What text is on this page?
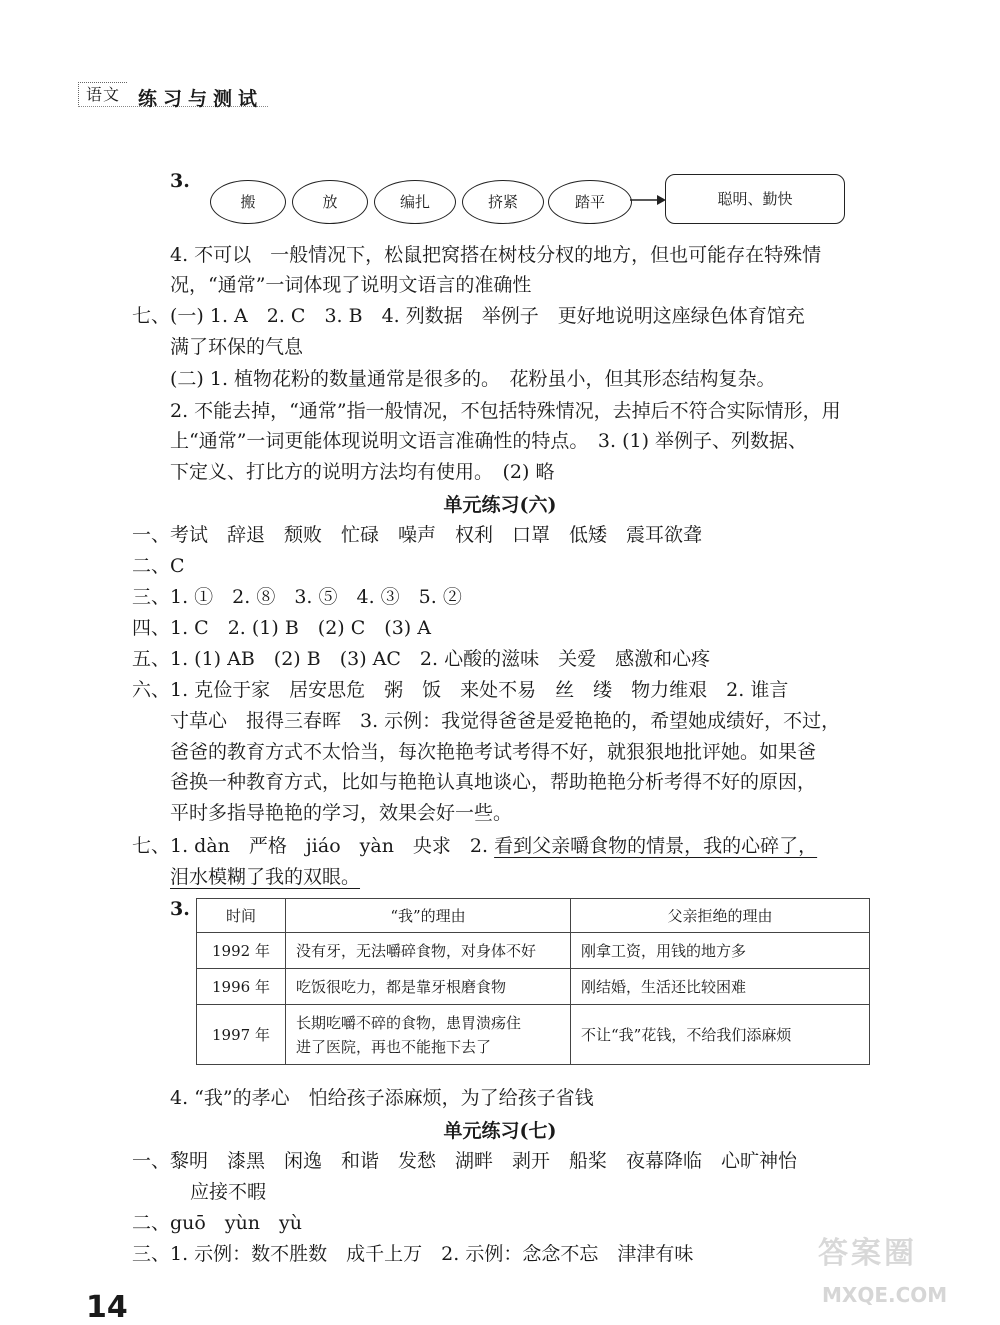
语文 练习与测试
3.
搬	放	编扎	挤紧	踏平	聪明、勤快
4. 不可以　一般情况下，松鼠把窝搭在树枝分杈的地方，但也可能存在特殊情
况，“通常”一词体现了说明文语言的准确性
七、(一) 1. A　2. C　3. B　4. 列数据　举例子　更好地说明这座绿色体育馆充
满了环保的气息
(二) 1. 植物花粉的数量通常是很多的。　花粉虽小，但其形态结构复杂。
2. 不能去掉，“通常”指一般情况，不包括特殊情况，去掉后不符合实际情形，用
上“通常”一词更能体现说明文语言准确性的特点。　3. (1) 举例子、列数据、
下定义、打比方的说明方法均有使用。　(2) 略
单元练习(六)
一、考试　辞退　颓败　忙碌　噪声　权利　口罩　低矮　震耳欲聋
二、C
三、1. ①　2. ⑧　3. ⑤　4. ③　5. ②
四、1. C　2. (1) B　(2) C　(3) A
五、1. (1) AB　(2) B　(3) AC　2. 心酸的滋味　关爱　感激和心疼
六、1. 克俭于家　居安思危　粥　饭　来处不易　丝　缕　物力维艰　2. 谁言
寸草心　报得三春晖　3. 示例：我觉得爸爸是爱艳艳的，希望她成绩好，不过，
爸爸的教育方式不太恰当，每次艳艳考试考得不好，就狠狠地批评她。如果爸
爸换一种教育方式，比如与艳艳认真地谈心，帮助艳艳分析考得不好的原因，
平时多指导艳艳的学习，效果会好一些。
七、1. dàn　严格　jiáo　yàn　央求　2. 看到父亲嚼食物的情景，我的心碎了，
泪水模糊了我的双眼。
3. 时间	“我”的理由	父亲拒绝的理由
1992 年	没有牙，无法嚼碎食物，对身体不好	刚拿工资，用钱的地方多
1996 年	吃饭很吃力，都是靠牙根磨食物	刚结婚，生活还比较困难
1997 年	长期吃嚼不碎的食物，患胃溃疡住
进了医院，再也不能拖下去了	不让“我”花钱，不给我们添麻烦
4. “我”的孝心　怕给孩子添麻烦，为了给孩子省钱
单元练习(七)
一、黎明　漆黑　闲逸　和谐　发愁　湖畔　剥开　船桨　夜幕降临　心旷神怡
应接不暇
二、guō　yùn　yù
三、1. 示例：数不胜数　成千上万　2. 示例：念念不忘　津津有味
14
答案圈
MXQE.COM
